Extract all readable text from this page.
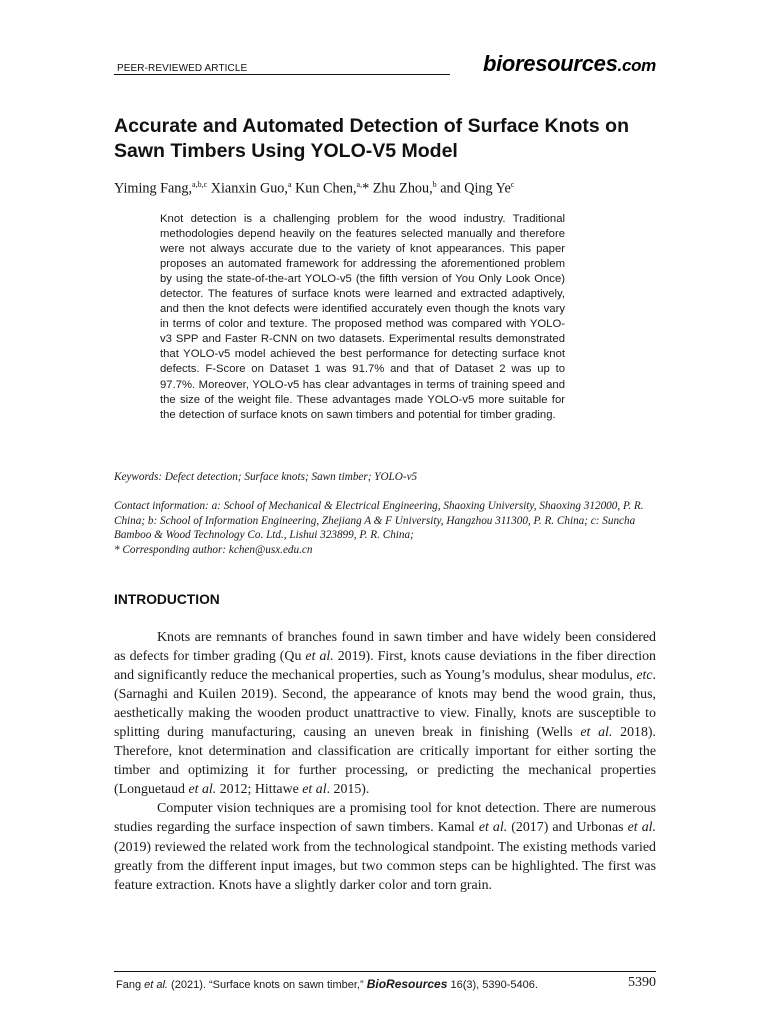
PEER-REVIEWED ARTICLE	bioresources.com
Accurate and Automated Detection of Surface Knots on Sawn Timbers Using YOLO-V5 Model
Yiming Fang,$^{a,b,c}$ Xianxin Guo,$^a$ Kun Chen,$^{a,}$* Zhu Zhou,$^b$ and Qing Ye$^c$

Knot detection is a challenging problem for the wood industry. Traditional methodologies depend heavily on the features selected manually and therefore were not always accurate due to the variety of knot appearances. This paper proposes an automated framework for addressing the aforementioned problem by using the state-of-the-art YOLO-v5 (the fifth version of You Only Look Once) detector. The features of surface knots were learned and extracted adaptively, and then the knot defects were identified accurately even though the knots vary in terms of color and texture. The proposed method was compared with YOLO-v3 SPP and Faster R-CNN on two datasets. Experimental results demonstrated that YOLO-v5 model achieved the best performance for detecting surface knot defects. F-Score on Dataset 1 was 91.7% and that of Dataset 2 was up to 97.7%. Moreover, YOLO-v5 has clear advantages in terms of training speed and the size of the weight file. These advantages made YOLO-v5 more suitable for the detection of surface knots on sawn timbers and potential for timber grading.

Keywords: Defect detection; Surface knots; Sawn timber; YOLO-v5

Contact information: a: School of Mechanical & Electrical Engineering, Shaoxing University, Shaoxing 312000, P. R. China; b: School of Information Engineering, Zhejiang A & F University, Hangzhou 311300, P. R. China; c: Suncha Bamboo & Wood Technology Co. Ltd., Lishui 323899, P. R. China;
* Corresponding author: kchen@usx.edu.cn

INTRODUCTION

Knots are remnants of branches found in sawn timber and have widely been considered as defects for timber grading (Qu et al. 2019). First, knots cause deviations in the fiber direction and significantly reduce the mechanical properties, such as Young’s modulus, shear modulus, etc. (Sarnaghi and Kuilen 2019). Second, the appearance of knots may bend the wood grain, thus, aesthetically making the wooden product unattractive to view. Finally, knots are susceptible to splitting during manufacturing, causing an uneven break in finishing (Wells et al. 2018). Therefore, knot determination and classification are critically important for either sorting the timber and optimizing it for further processing, or predicting the mechanical properties (Longuetaud et al. 2012; Hittawe et al. 2015).

Computer vision techniques are a promising tool for knot detection. There are numerous studies regarding the surface inspection of sawn timbers. Kamal et al. (2017) and Urbonas et al. (2019) reviewed the related work from the technological standpoint. The existing methods varied greatly from the different input images, but two common steps can be highlighted. The first was feature extraction. Knots have a slightly darker color and torn grain.

Fang et al. (2021). “Surface knots on sawn timber,” BioResources 16(3), 5390-5406.	5390
